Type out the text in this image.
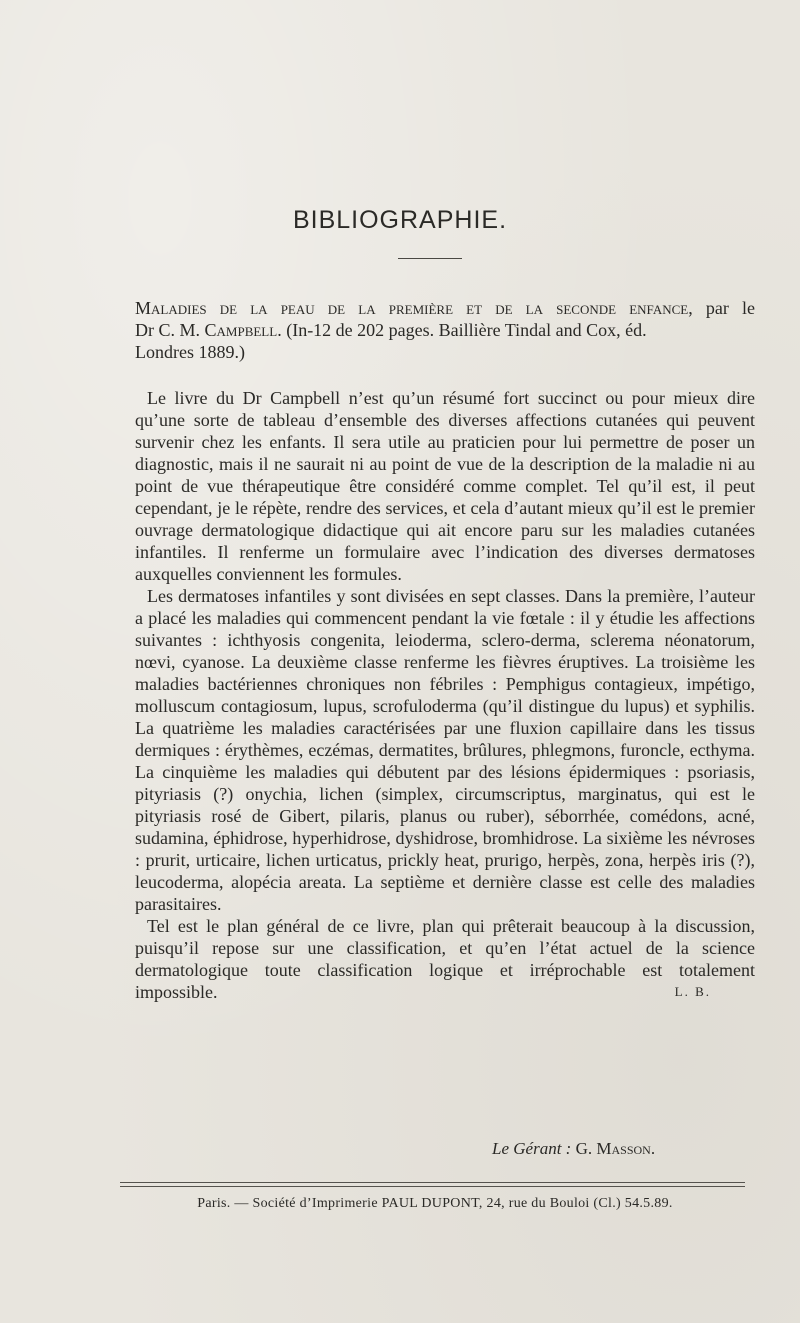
BIBLIOGRAPHIE.
Maladies de la peau de la première et de la seconde enfance, par le
Dr C. M. Campbell. (In-12 de 202 pages. Baillière Tindal and Cox, éd.
Londres 1889.)

Le livre du Dr Campbell n’est qu’un résumé fort succinct ou pour mieux dire qu’une sorte de tableau d’ensemble des diverses affections cutanées qui peuvent survenir chez les enfants. Il sera utile au praticien pour lui permettre de poser un diagnostic, mais il ne saurait ni au point de vue de la description de la maladie ni au point de vue thérapeutique être considéré comme complet. Tel qu’il est, il peut cependant, je le répète, rendre des services, et cela d’autant mieux qu’il est le premier ouvrage dermatologique didactique qui ait encore paru sur les maladies cutanées infantiles. Il renferme un formulaire avec l’indication des diverses dermatoses auxquelles conviennent les formules.

Les dermatoses infantiles y sont divisées en sept classes. Dans la première, l’auteur a placé les maladies qui commencent pendant la vie fœtale : il y étudie les affections suivantes : ichthyosis congenita, leioderma, sclero-derma, sclerema néonatorum, nœvi, cyanose. La deuxième classe renferme les fièvres éruptives. La troisième les maladies bactériennes chroniques non fébriles : Pemphigus contagieux, impétigo, molluscum contagiosum, lupus, scrofuloderma (qu’il distingue du lupus) et syphilis. La quatrième les maladies caractérisées par une fluxion capillaire dans les tissus dermiques : érythèmes, eczémas, dermatites, brûlures, phlegmons, furoncle, ecthyma. La cinquième les maladies qui débutent par des lésions épidermiques : psoriasis, pityriasis (?) onychia, lichen (simplex, circumscriptus, marginatus, qui est le pityriasis rosé de Gibert, pilaris, planus ou ruber), séborrhée, comédons, acné, sudamina, éphidrose, hyperhidrose, dyshidrose, bromhidrose. La sixième les névroses : prurit, urticaire, lichen urticatus, prickly heat, prurigo, herpès, zona, herpès iris (?), leucoderma, alopécia areata. La septième et dernière classe est celle des maladies parasitaires.

Tel est le plan général de ce livre, plan qui prêterait beaucoup à la discussion, puisqu’il repose sur une classification, et qu’en l’état actuel de la science dermatologique toute classification logique et irréprochable est totalement impossible.	L. B.

Le Gérant : G. Masson.
Paris. — Société d’Imprimerie PAUL DUPONT, 24, rue du Bouloi (Cl.) 54.5.89.
